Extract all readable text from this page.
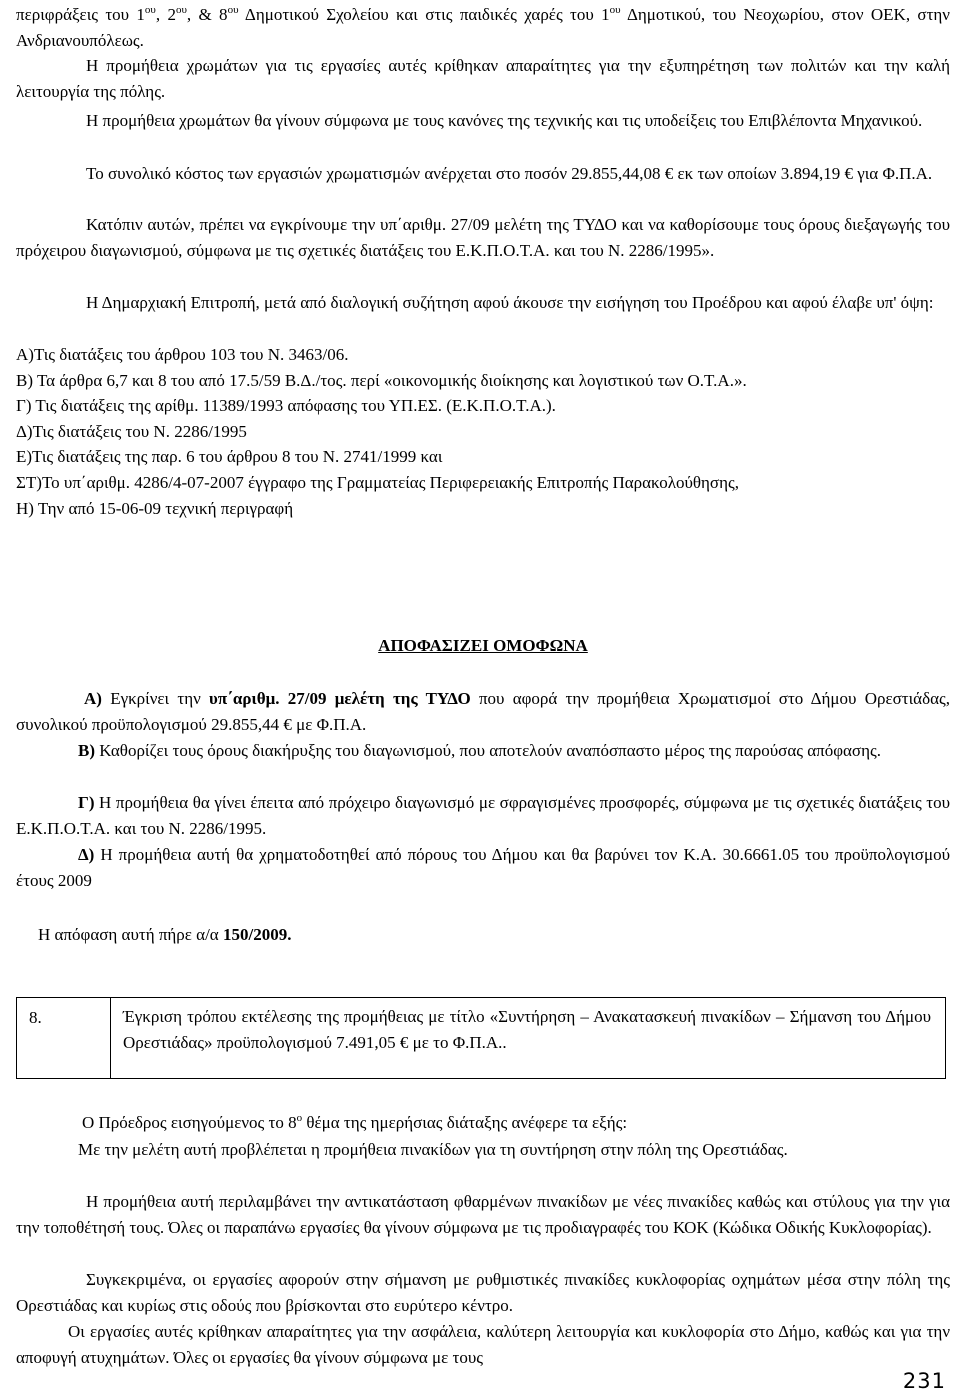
περιφράξεις του $1^{o\upsilon}$, $2^{o\upsilon}$, & $8^{o\upsilon}$ Δημοτικού Σχολείου και στις παιδικές χαρές του $1^{o\upsilon}$ Δημοτικού, του Νεοχωρίου, στον ΟΕΚ, στην Ανδριανουπόλεως.
Η προμήθεια χρωμάτων για τις εργασίες αυτές κρίθηκαν απαραίτητες για την εξυπηρέτηση των πολιτών και την καλή λειτουργία της πόλης.
Η προμήθεια χρωμάτων θα γίνουν σύμφωνα με τους κανόνες της τεχνικής και τις υποδείξεις του Επιβλέποντα Μηχανικού.
Το συνολικό κόστος των εργασιών χρωματισμών ανέρχεται στο ποσόν 29.855,44,08 € εκ των οποίων 3.894,19 € για Φ.Π.Α.
Κατόπιν αυτών, πρέπει να εγκρίνουμε την υπ΄αριθμ. 27/09 μελέτη της ΤΥΔΟ και να καθορίσουμε τους όρους διεξαγωγής του πρόχειρου διαγωνισμού, σύμφωνα με τις σχετικές διατάξεις του Ε.Κ.Π.Ο.Τ.Α. και του Ν. 2286/1995».
Η Δημαρχιακή Επιτροπή, μετά από διαλογική συζήτηση αφού άκουσε την εισήγηση του Προέδρου και αφού έλαβε υπ' όψη:
Α)Τις διατάξεις του άρθρου 103 του Ν. 3463/06.
Β) Τα άρθρα 6,7 και 8 του από 17.5/59 Β.Δ./τος. περί «οικονομικής διοίκησης και λογιστικού των Ο.Τ.Α.».
Γ) Τις διατάξεις της αρίθμ. 11389/1993 απόφασης του ΥΠ.ΕΣ. (Ε.Κ.Π.Ο.Τ.Α.).
Δ)Τις διατάξεις του Ν. 2286/1995
Ε)Τις διατάξεις της παρ. 6 του άρθρου 8 του Ν. 2741/1999 και
ΣΤ)Το υπ΄αριθμ. 4286/4-07-2007 έγγραφο της Γραμματείας Περιφερειακής Επιτροπής Παρακολούθησης,
Η) Την από 15-06-09 τεχνική περιγραφή
ΑΠΟΦΑΣΙΖΕΙ ΟΜΟΦΩΝΑ
Α) Εγκρίνει την υπ΄αριθμ. 27/09 μελέτη της ΤΥΔΟ που αφορά την προμήθεια Χρωματισμοί στο Δήμου Ορεστιάδας, συνολικού προϋπολογισμού 29.855,44 € με Φ.Π.Α.
Β) Καθορίζει τους όρους διακήρυξης του διαγωνισμού, που αποτελούν αναπόσπαστο μέρος της παρούσας απόφασης.
Γ) Η προμήθεια θα γίνει έπειτα από πρόχειρο διαγωνισμό με σφραγισμένες προσφορές, σύμφωνα με τις σχετικές διατάξεις του Ε.Κ.Π.Ο.Τ.Α. και του Ν. 2286/1995.
Δ) Η προμήθεια αυτή θα χρηματοδοτηθεί από πόρους του Δήμου και θα βαρύνει τον Κ.Α. 30.6661.05 του προϋπολογισμού έτους 2009
Η απόφαση αυτή πήρε α/α 150/2009.
8.	Έγκριση τρόπου εκτέλεσης της προμήθειας με τίτλο «Συντήρηση – Ανακατασκευή πινακίδων – Σήμανση του Δήμου Ορεστιάδας» προϋπολογισμού 7.491,05 € με το Φ.Π.Α..
Ο Πρόεδρος εισηγούμενος το $8^o$ θέμα της ημερήσιας διάταξης ανέφερε τα εξής:
Με την μελέτη αυτή προβλέπεται η προμήθεια πινακίδων για τη συντήρηση στην πόλη της Ορεστιάδας.
Η προμήθεια αυτή περιλαμβάνει την αντικατάσταση φθαρμένων πινακίδων με νέες πινακίδες καθώς και στύλους για την για την τοποθέτησή τους. Όλες οι παραπάνω εργασίες θα γίνουν σύμφωνα με τις προδιαγραφές του ΚΟΚ (Κώδικα Οδικής Κυκλοφορίας).
Συγκεκριμένα, οι εργασίες αφορούν στην σήμανση με ρυθμιστικές πινακίδες κυκλοφορίας οχημάτων μέσα στην πόλη της Ορεστιάδας και κυρίως στις οδούς που βρίσκονται στο ευρύτερο κέντρο.
Οι εργασίες αυτές κρίθηκαν απαραίτητες για την ασφάλεια, καλύτερη λειτουργία και κυκλοφορία στο Δήμο, καθώς και για την αποφυγή ατυχημάτων. Όλες οι εργασίες θα γίνουν σύμφωνα με τους
231
